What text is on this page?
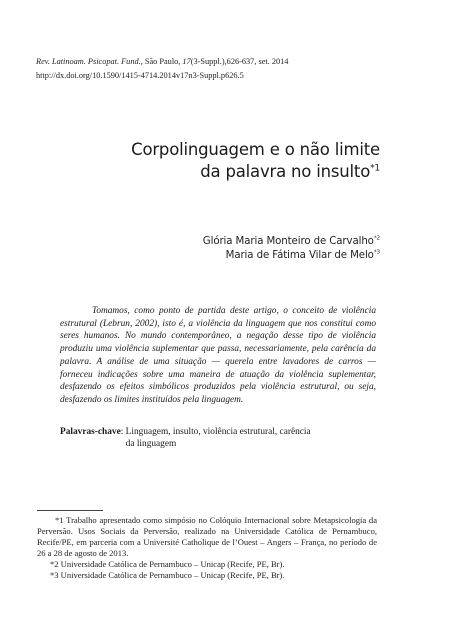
Rev. Latinoam. Psicopat. Fund., São Paulo, 17(3-Suppl.),626-637, set. 2014
http://dx.doi.org/10.1590/1415-4714.2014v17n3-Suppl.p626.5
Corpolinguagem e o não limite
da palavra no insulto$^{*1}$
Glória Maria Monteiro de Carvalho$^{*2}$
Maria de Fátima Vilar de Melo$^{*3}$
Tomamos, como ponto de partida deste artigo, o conceito de violência estrutural (Lebrun, 2002), isto é, a violência da linguagem que nos constitui como seres humanos. No mundo contemporâneo, a negação desse tipo de violência produziu uma violência suplementar que passa, necessariamente, pela carência da palavra. A análise de uma situação — querela entre lavadores de carros — forneceu indicações sobre uma maneira de atuação da violência suplementar, desfazendo os efeitos simbólicos produzidos pela violência estrutural, ou seja, desfazendo os limites instituídos pela linguagem.
Palavras-chave: Linguagem, insulto, violência estrutural, carência da linguagem

*1 Trabalho apresentado como simpósio no Colóquio Internacional sobre Metapsicologia da Perversão. Usos Sociais da Perversão, realizado na Universidade Católica de Pernambuco, Recife/PE, em parceria com a Université Catholique de l’Ouest – Angers – França, no período de 26 a 28 de agosto de 2013.

*2 Universidade Católica de Pernambuco – Unicap (Recife, PE, Br).

*3 Universidade Católica de Pernambuco – Unicap (Recife, PE, Br).
